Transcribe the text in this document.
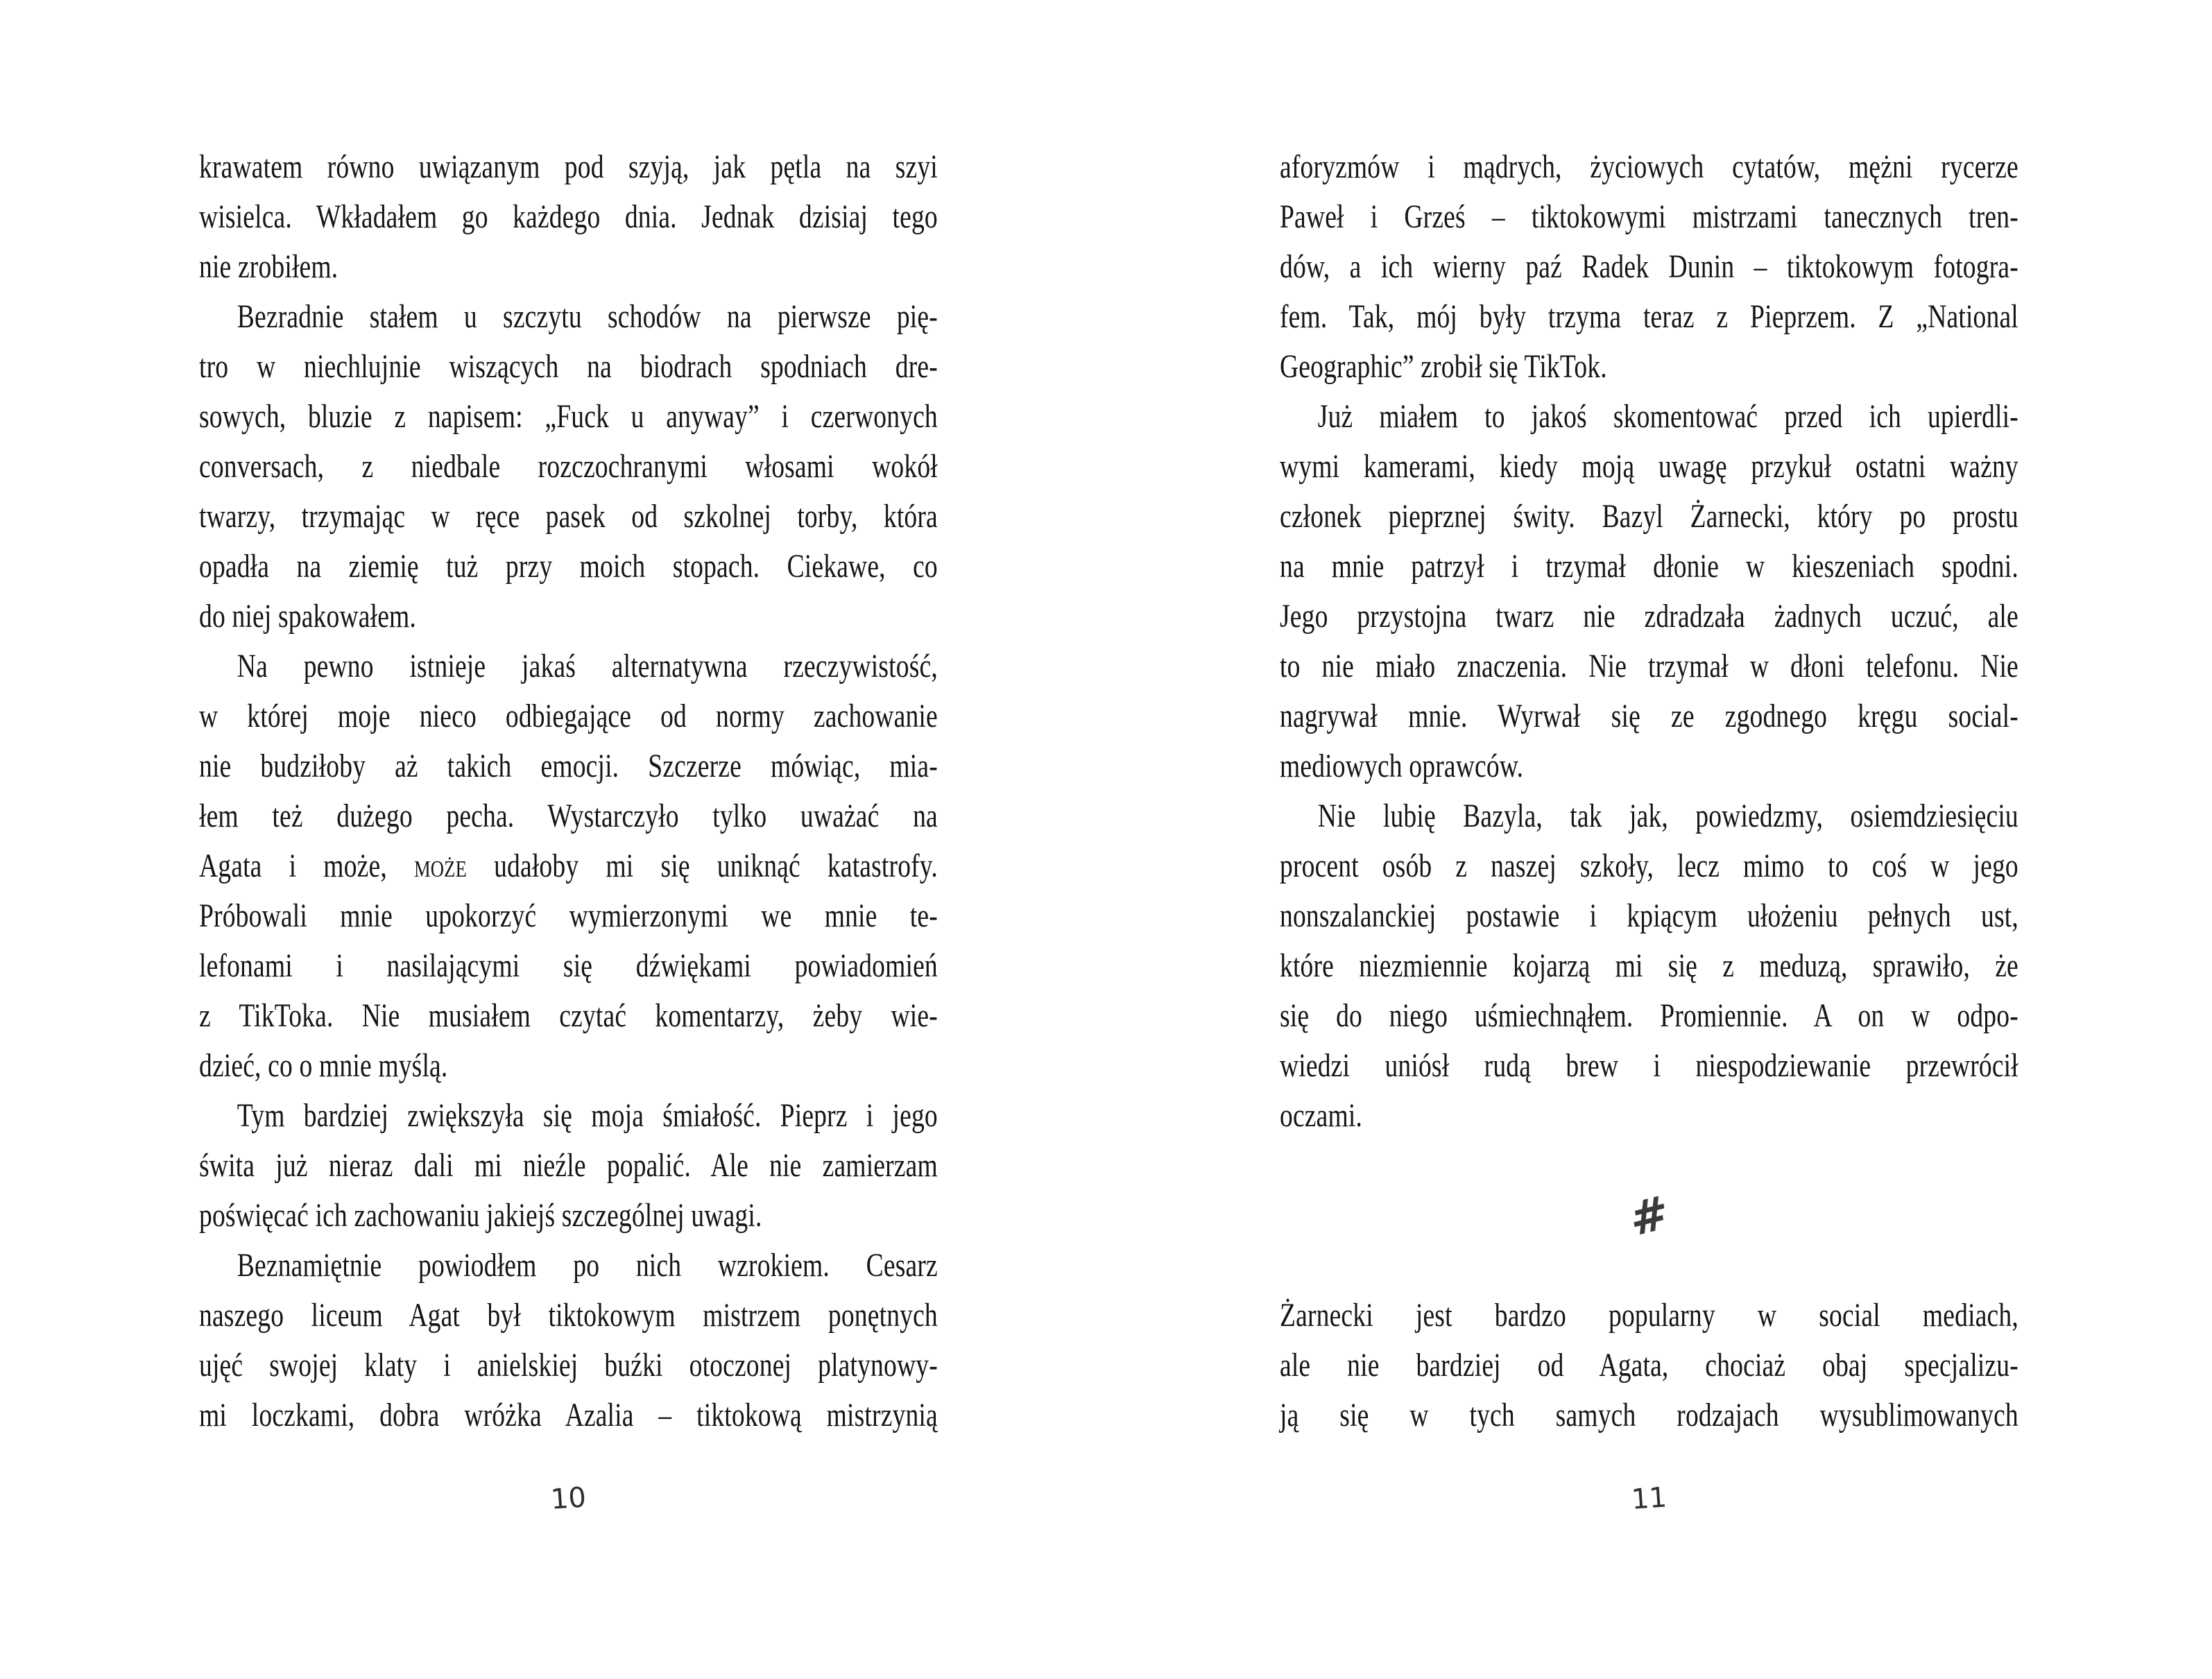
krawatem równo uwiązanym pod szyją, jak pętla na szyi
wisielca. Wkładałem go każdego dnia. Jednak dzisiaj tego
nie zrobiłem.
Bezradnie stałem u szczytu schodów na pierwsze pię-
tro w niechlujnie wiszących na biodrach spodniach dre-
sowych, bluzie z napisem: „Fuck u anyway” i czerwonych
conversach, z niedbale rozczochranymi włosami wokół
twarzy, trzymając w ręce pasek od szkolnej torby, która
opadła na ziemię tuż przy moich stopach. Ciekawe, co
do niej spakowałem.
Na pewno istnieje jakaś alternatywna rzeczywistość,
w której moje nieco odbiegające od normy zachowanie
nie budziłoby aż takich emocji. Szczerze mówiąc, mia-
łem też dużego pecha. Wystarczyło tylko uważać na
Agata i może, może udałoby mi się uniknąć katastrofy.
Próbowali mnie upokorzyć wymierzonymi we mnie te-
lefonami i nasilającymi się dźwiękami powiadomień
z TikToka. Nie musiałem czytać komentarzy, żeby wie-
dzieć, co o mnie myślą.
Tym bardziej zwiększyła się moja śmiałość. Pieprz i jego
świta już nieraz dali mi nieźle popalić. Ale nie zamierzam
poświęcać ich zachowaniu jakiejś szczególnej uwagi.
Beznamiętnie powiodłem po nich wzrokiem. Cesarz
naszego liceum Agat był tiktokowym mistrzem ponętnych
ujęć swojej klaty i anielskiej buźki otoczonej platynowy-
mi loczkami, dobra wróżka Azalia – tiktokową mistrzynią
aforyzmów i mądrych, życiowych cytatów, mężni rycerze
Paweł i Grześ – tiktokowymi mistrzami tanecznych tren-
dów, a ich wierny paź Radek Dunin – tiktokowym fotogra-
fem. Tak, mój były trzyma teraz z Pieprzem. Z „National
Geographic” zrobił się TikTok.
Już miałem to jakoś skomentować przed ich upierdli-
wymi kamerami, kiedy moją uwagę przykuł ostatni ważny
członek pieprznej świty. Bazyl Żarnecki, który po prostu
na mnie patrzył i trzymał dłonie w kieszeniach spodni.
Jego przystojna twarz nie zdradzała żadnych uczuć, ale
to nie miało znaczenia. Nie trzymał w dłoni telefonu. Nie
nagrywał mnie. Wyrwał się ze zgodnego kręgu social-
mediowych oprawców.
Nie lubię Bazyla, tak jak, powiedzmy, osiemdziesięciu
procent osób z naszej szkoły, lecz mimo to coś w jego
nonszalanckiej postawie i kpiącym ułożeniu pełnych ust,
które niezmiennie kojarzą mi się z meduzą, sprawiło, że
się do niego uśmiechnąłem. Promiennie. A on w odpo-
wiedzi uniósł rudą brew i niespodziewanie przewrócił
oczami.
#
Żarnecki jest bardzo popularny w social mediach,
ale nie bardziej od Agata, chociaż obaj specjalizu-
ją się w tych samych rodzajach wysublimowanych
10	11
